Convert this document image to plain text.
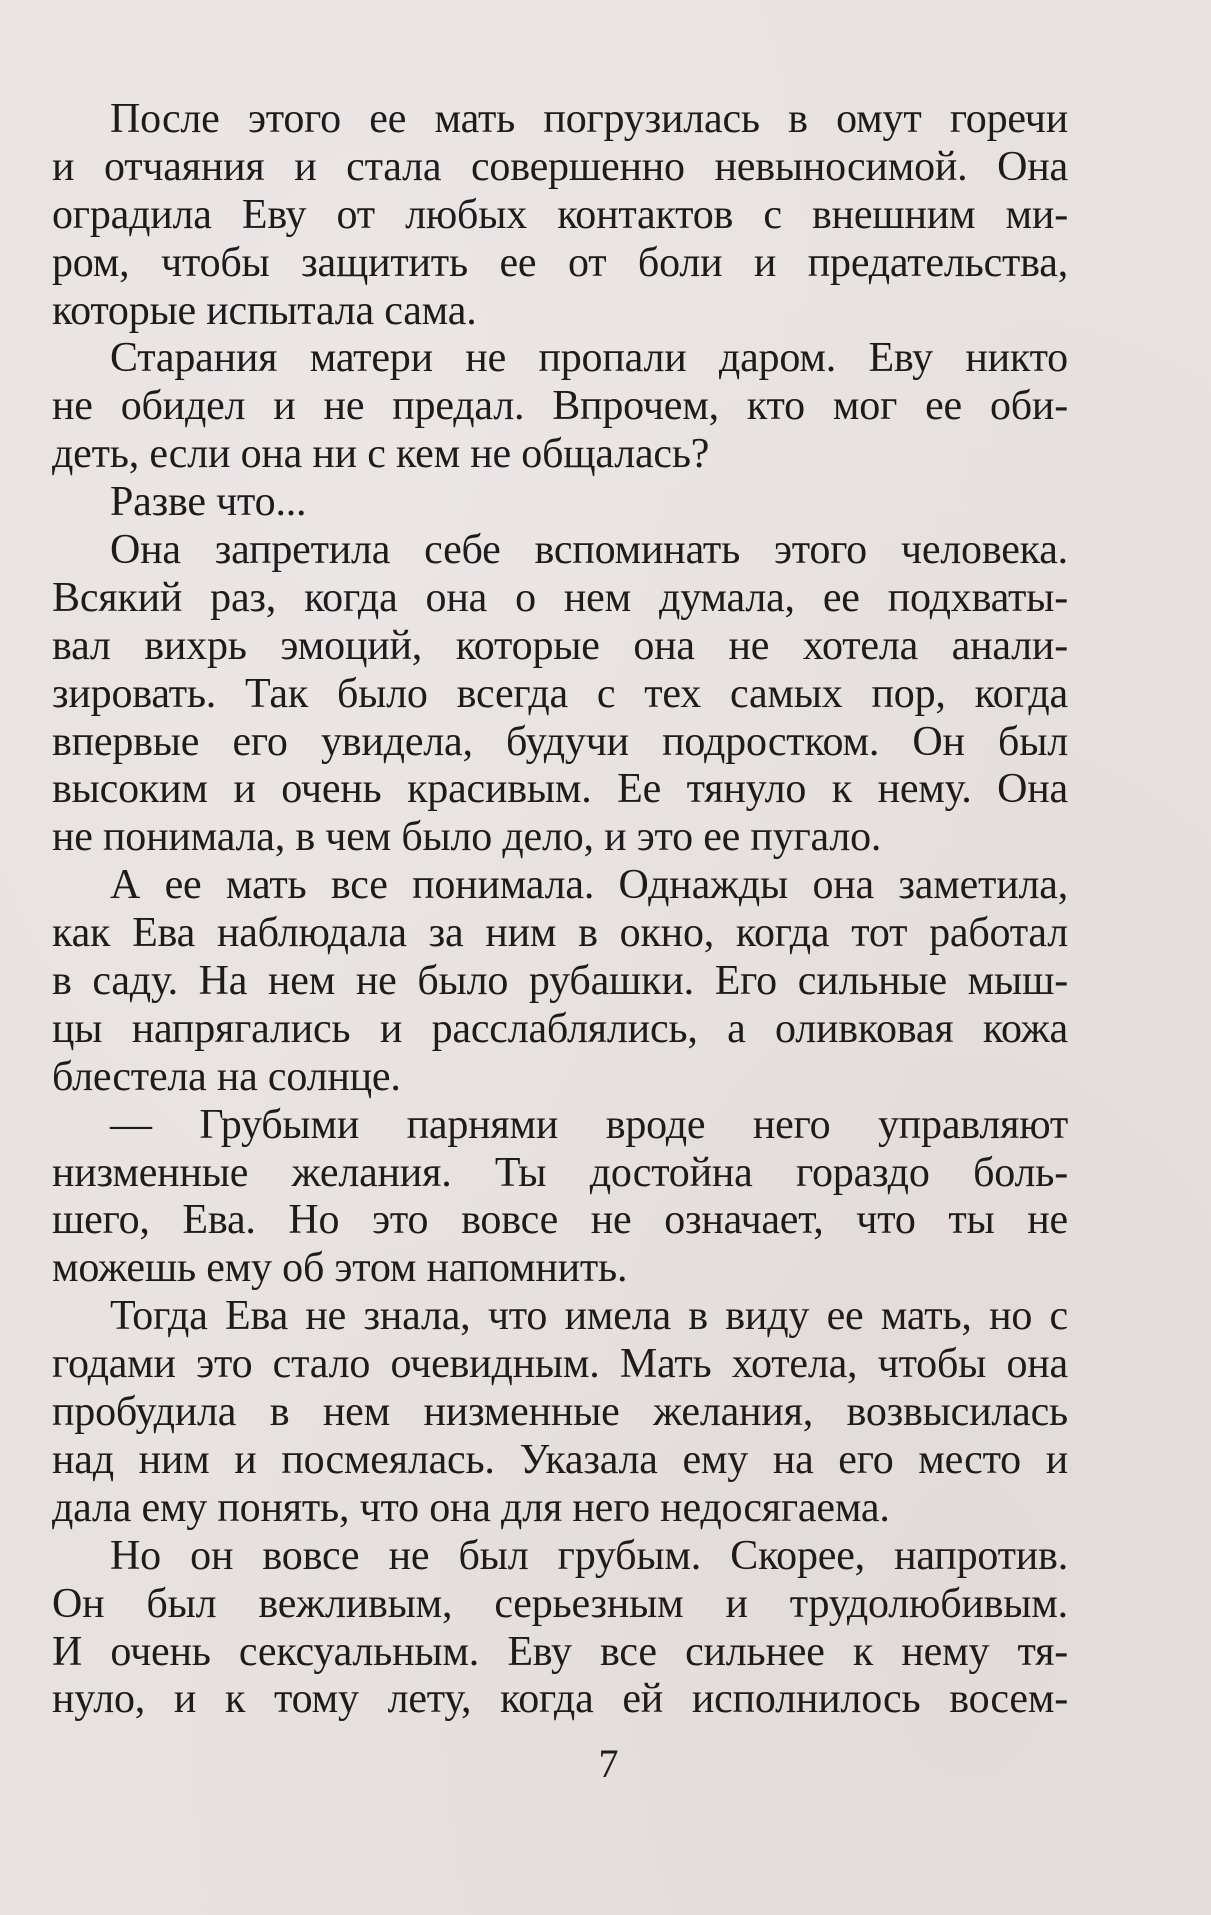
После этого ее мать погрузилась в омут горечи
и отчаяния и стала совершенно невыносимой. Она
оградила Еву от любых контактов с внешним ми-
ром, чтобы защитить ее от боли и предательства,
которые испытала сама.
Старания матери не пропали даром. Еву никто
не обидел и не предал. Впрочем, кто мог ее оби-
деть, если она ни с кем не общалась?
Разве что...
Она запретила себе вспоминать этого человека.
Всякий раз, когда она о нем думала, ее подхваты-
вал вихрь эмоций, которые она не хотела анали-
зировать. Так было всегда с тех самых пор, когда
впервые его увидела, будучи подростком. Он был
высоким и очень красивым. Ее тянуло к нему. Она
не понимала, в чем было дело, и это ее пугало.
А ее мать все понимала. Однажды она заметила,
как Ева наблюдала за ним в окно, когда тот работал
в саду. На нем не было рубашки. Его сильные мыш-
цы напрягались и расслаблялись, а оливковая кожа
блестела на солнце.
— Грубыми парнями вроде него управляют
низменные желания. Ты достойна гораздо боль-
шего, Ева. Но это вовсе не означает, что ты не
можешь ему об этом напомнить.
Тогда Ева не знала, что имела в виду ее мать, но с
годами это стало очевидным. Мать хотела, чтобы она
пробудила в нем низменные желания, возвысилась
над ним и посмеялась. Указала ему на его место и
дала ему понять, что она для него недосягаема.
Но он вовсе не был грубым. Скорее, напротив.
Он был вежливым, серьезным и трудолюбивым.
И очень сексуальным. Еву все сильнее к нему тя-
нуло, и к тому лету, когда ей исполнилось восем-
7
